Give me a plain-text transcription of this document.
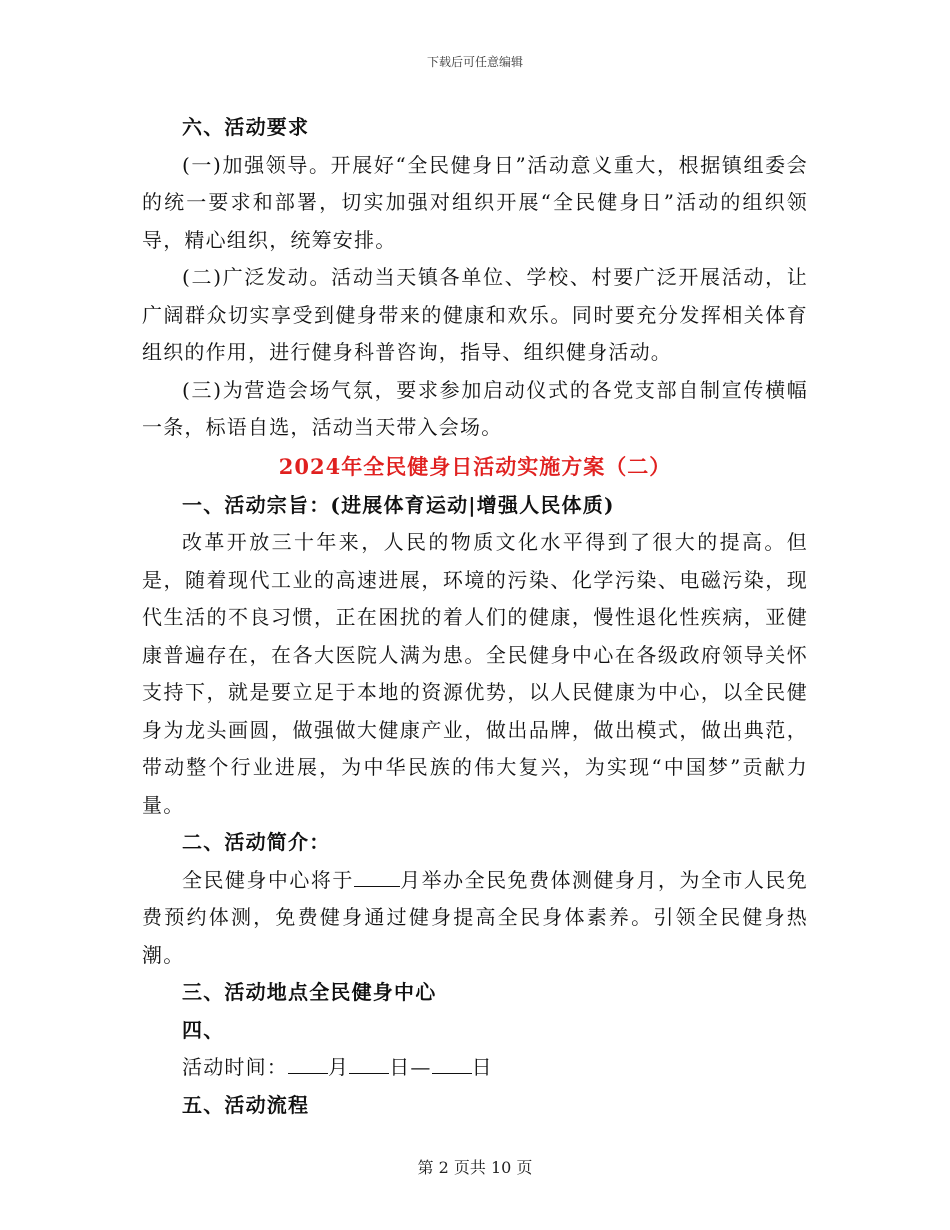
下载后可任意编辑

六、活动要求

(一)加强领导。开展好“全民健身日”活动意义重大，根据镇组委会的统一要求和部署，切实加强对组织开展“全民健身日”活动的组织领导，精心组织，统筹安排。

(二)广泛发动。活动当天镇各单位、学校、村要广泛开展活动，让广阔群众切实享受到健身带来的健康和欢乐。同时要充分发挥相关体育组织的作用，进行健身科普咨询，指导、组织健身活动。

(三)为营造会场气氛，要求参加启动仪式的各党支部自制宣传横幅一条，标语自选，活动当天带入会场。

2024年全民健身日活动实施方案（二）

一、活动宗旨：(进展体育运动|增强人民体质)

改革开放三十年来，人民的物质文化水平得到了很大的提高。但是，随着现代工业的高速进展，环境的污染、化学污染、电磁污染，现代生活的不良习惯，正在困扰的着人们的健康，慢性退化性疾病，亚健康普遍存在，在各大医院人满为患。全民健身中心在各级政府领导关怀支持下，就是要立足于本地的资源优势，以人民健康为中心，以全民健身为龙头画圆，做强做大健康产业，做出品牌，做出模式，做出典范，带动整个行业进展，为中华民族的伟大复兴，为实现“中国梦”贡献力量。

二、活动简介：

全民健身中心将于 月举办全民免费体测健身月，为全市人民免费预约体测，免费健身通过健身提高全民身体素养。引领全民健身热潮。

三、活动地点全民健身中心

四、

活动时间： 月 日— 日

五、活动流程

第 2 页共 10 页
